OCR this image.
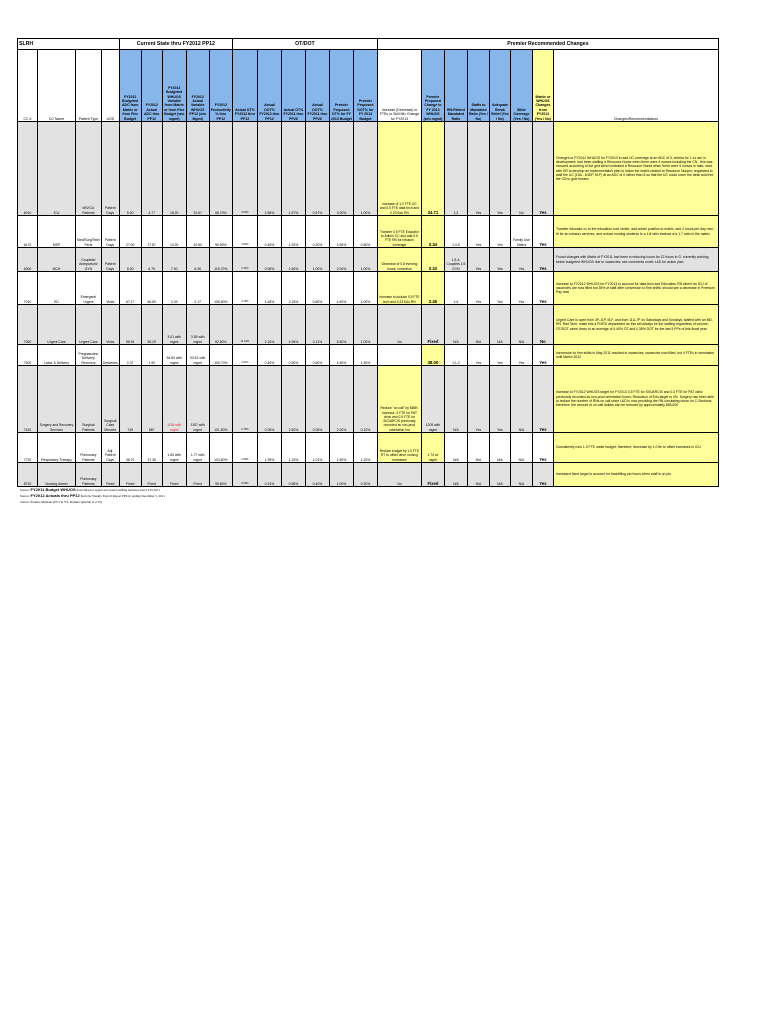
SLRH				Current State thru FY2012 PP12					OT/DOT						Premier Recommended Changes							
CC #	CC Name	Patient Type	UOS	FY2012 Budgeted ADC from Matrix or from Flex Budget	FY2012 Actual ADC thru PP12	FY2012 Budgeted WHUOS Variable from Matrix or from Flex Budget (w/o mgmt)	FY2012 Actual Variable WHUOS PP12 (w/o Mgmt)	FY2012 Productivity % thru PP12	Actual OT% FY2012 thru PP12	Actual DOT% FY2012 thru PP12	Actual OT% FY2011 thru PP26	Actual DOT% FY2011 thru PP26	Premier Proposed OT% for FY 2013 Budget	Premier Proposed DOT% for FY 2013 Budget	Increase (Decrease) in FTEs or Skill Mix Change for FY2013	Premier Proposed Change to FY 2013 WHUOS (w/o mgmt)	RN:Patient Mandated Ratio	Staffs to Mandated Ratio (Yes / No)	Adequate Break Relief (Yes / No)	Sitter Coverage (Yes / No)	Matrix or WHUOS Changes from FY2012 (Yes / No)	Changes/Recommendations
6010	ICU	MS/ICU Patients	Patient Days	5.00	4.77	18.20	20.67	88.70%	3.60%	2.58%	1.57%	0.67%	3.00%	1.00%	Increase of 1.0 FTE UC and 0.5 FTE data tech and 0.23 Edu RN	24.71	1:2	Yes	Yes	No	Yes	Changes to FY2012 WHUOS for FY2013 to add UC coverage at an ADC of 0; criteria for 1:1s are in development; had been staffing a Resource Nurse when there were 4 nurses including the CN - this was incurred according to the grid which indicated a Resource Nurse when there were 5 nurses in ratio; work with HR to develop an implementation plan to follow the matrix related to Resource Nurses; requested to staff the UC (10A - 8:30P, M-F) at an ADC of 0 rather than 8 so that the UC could cover the desk and free the CN to give breaks
6170	MSP	Med/Surg/Tele/ Peds	Patient Days	27.00	27.87	10.20	10.50	96.90%	3.90%	0.45%	1.92%	0.20%	2.50%	0.50%	Transfer 0.5 FTE Educator to Admin CC and add 0.5 FTE RN for infusion coverage	0.34	1:4-5	Yes	Yes	Family Use Sitters	Yes	Transfer educator cc to the education cost center, add admin position to matrix, add 4 hours per day mon - fri for an infusion services, and reduce nursing students to a 1:8 ratio instead of a 1:7 ratio in the matrix
6300	MCH	Couplets/ Antepartum/ GYN	Patient Days	8.00	6.79	7.00	6.36	115.70%	2.11%	0.08%	1.60%	1.00%	2.00%	1.00%	Decrease of 0.8 evening hours; correction	0.33	1:3-4; Couplets 1:5 GYN	Yes	Yes	Yes	Yes	Found changes with Matrix of FY2011 had been in reducing hours for 12 hours in G. currently working below budgeted WHUOS due to vacancies; see comments under L&D for action plan
7010	ED	Emergent/ Urgent	Visits	67.17	66.80	2.33	2.17	105.60%	4.76%	1.48%	2.15%	0.80%	4.50%	1.00%	Increase to include 0.5 FTE tech and 0.23 Edu RN	2.45	1:4	Yes	Yes	Yes	Yes	Increase to FY2012 WHUOS for FY2013 to account for data tech and Education RN where an ICU of vacancies are now filled but 35% of staff after conversion to firm shifts; should see a decrease in Premium Pay now
7060	Urgent Care	Urgent Care	Visits	56.94	55.29	3.01 with mgmt	3.55 with mgmt	82.80%	11.44%	2.16%	4.96%	0.11%	5.50%	1.00%	No	Fixed	N/A	N/A	N/A	N/A	No	Urgent Care is open from 3P-11P, M-F, and from 11A-7P on Saturdays and Sundays; staffed with an MD, RN, Rad Tech; make this a FIXED department as this will always be the staffing regardless of volume; OT/DOT came down to an average of 4.40% OT and 0.38% DOT for the last 5 PPs of this fiscal year
7400	Labor & Delivery	Pregnancies/ Delivery/ Recovery	Deliveries	2.37	1.90	94.60 with mgmt	93.51 with mgmt	100.70%	4.31%	0.40%	0.50%	0.60%	4.50%	1.50%		38.00	1:1-2	Yes	Yes	Yes	Yes	conversion to firm shifts in May 2011 resulted in vacancies; vacancies now filled, but 4 FTEs in orientation until March 2012
7420	Surgery and Recovery Services	Surgical Patients	Surgical Case Minutes	749	687	1155 with mgmt	1157 with mgmt	101.80%	1.75%	0.08%	2.50%	0.05%	2.00%	0.10%	Reduce "on call" by $65K; Increase .3 FTE for PAT clinic and 0.5 FTE for SIG/ARCIS previously recorded as non-prod orientation hrs	1209 with mgmt	N/A	Yes	Yes	N/A	Yes	Increase to FY2012 WHUOS target for FY2013 0.5 FTE for SIG/ARCIS and 0.3 FTE for PAT clinic previously recorded as non-prod orientation hours; Reduction of Edu target to 4%. Surgery has been able to reduce the number of RNs on call since L&D is now providing the RN circulating nurse on C-Sections; therefore, the amount of on-call dollars can be reduced by approximately $65,000
7720	Respiratory Therapy	Pulmonary Patients	Adj. Patient Days	36.70	37.35	1.84 with mgmt	1.77 with mgmt	103.60%	1.69%	1.39%	1.15%	1.01%	1.50%	1.20%	Reduce budget by 1.0 FTE RT to offset other nursing increases	1.74 w/ mgmt	N/A	N/A	N/A	N/A	Yes	Consistently runs 1.0 FTE under budget; therefore, decrease by 1.0 fte to offset increases in ICU
8720	Nursing Admin	Pulmonary Patients	Fixed	Fixed	Fixed	Fixed	Fixed	95.80%	0.00%	0.31%	0.58%	0.40%	1.00%	0.30%	No	Fixed	N/A	N/A	N/A	N/A	Yes	Increased fixed target to account for backfilling pto hours when staff is on pto
Source: FY2011 Budget WHUOS from Director approved revised staffing matrices dated 3.25.2011
Source: FY2012 Actuals thru PP12 from the Weekly Payroll Report PP#12, ending December 5, 2011
Source: Premier Medians (PT's in 5%, Premier Quartile at 2.33)
